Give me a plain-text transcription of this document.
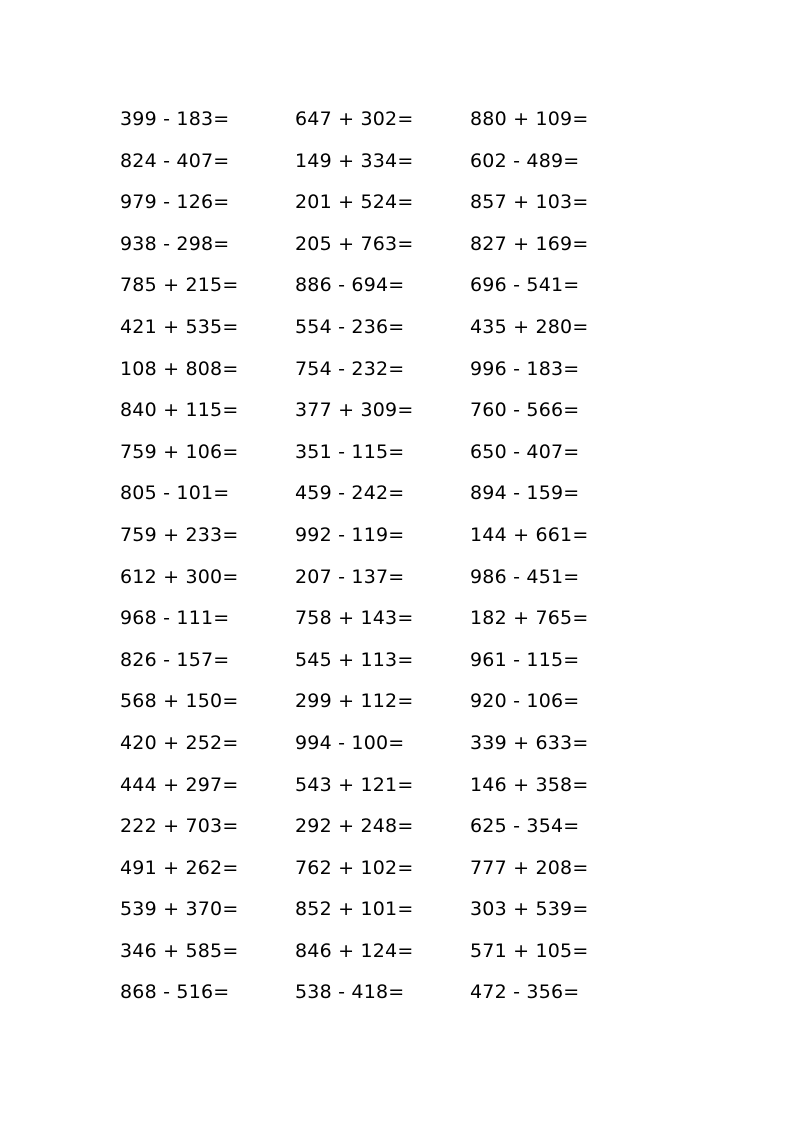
399 - 183=	647 + 302=	880 + 109=
824 - 407=	149 + 334=	602 - 489=
979 - 126=	201 + 524=	857 + 103=
938 - 298=	205 + 763=	827 + 169=
785 + 215=	886 - 694=	696 - 541=
421 + 535=	554 - 236=	435 + 280=
108 + 808=	754 - 232=	996 - 183=
840 + 115=	377 + 309=	760 - 566=
759 + 106=	351 - 115=	650 - 407=
805 - 101=	459 - 242=	894 - 159=
759 + 233=	992 - 119=	144 + 661=
612 + 300=	207 - 137=	986 - 451=
968 - 111=	758 + 143=	182 + 765=
826 - 157=	545 + 113=	961 - 115=
568 + 150=	299 + 112=	920 - 106=
420 + 252=	994 - 100=	339 + 633=
444 + 297=	543 + 121=	146 + 358=
222 + 703=	292 + 248=	625 - 354=
491 + 262=	762 + 102=	777 + 208=
539 + 370=	852 + 101=	303 + 539=
346 + 585=	846 + 124=	571 + 105=
868 - 516=	538 - 418=	472 - 356=
